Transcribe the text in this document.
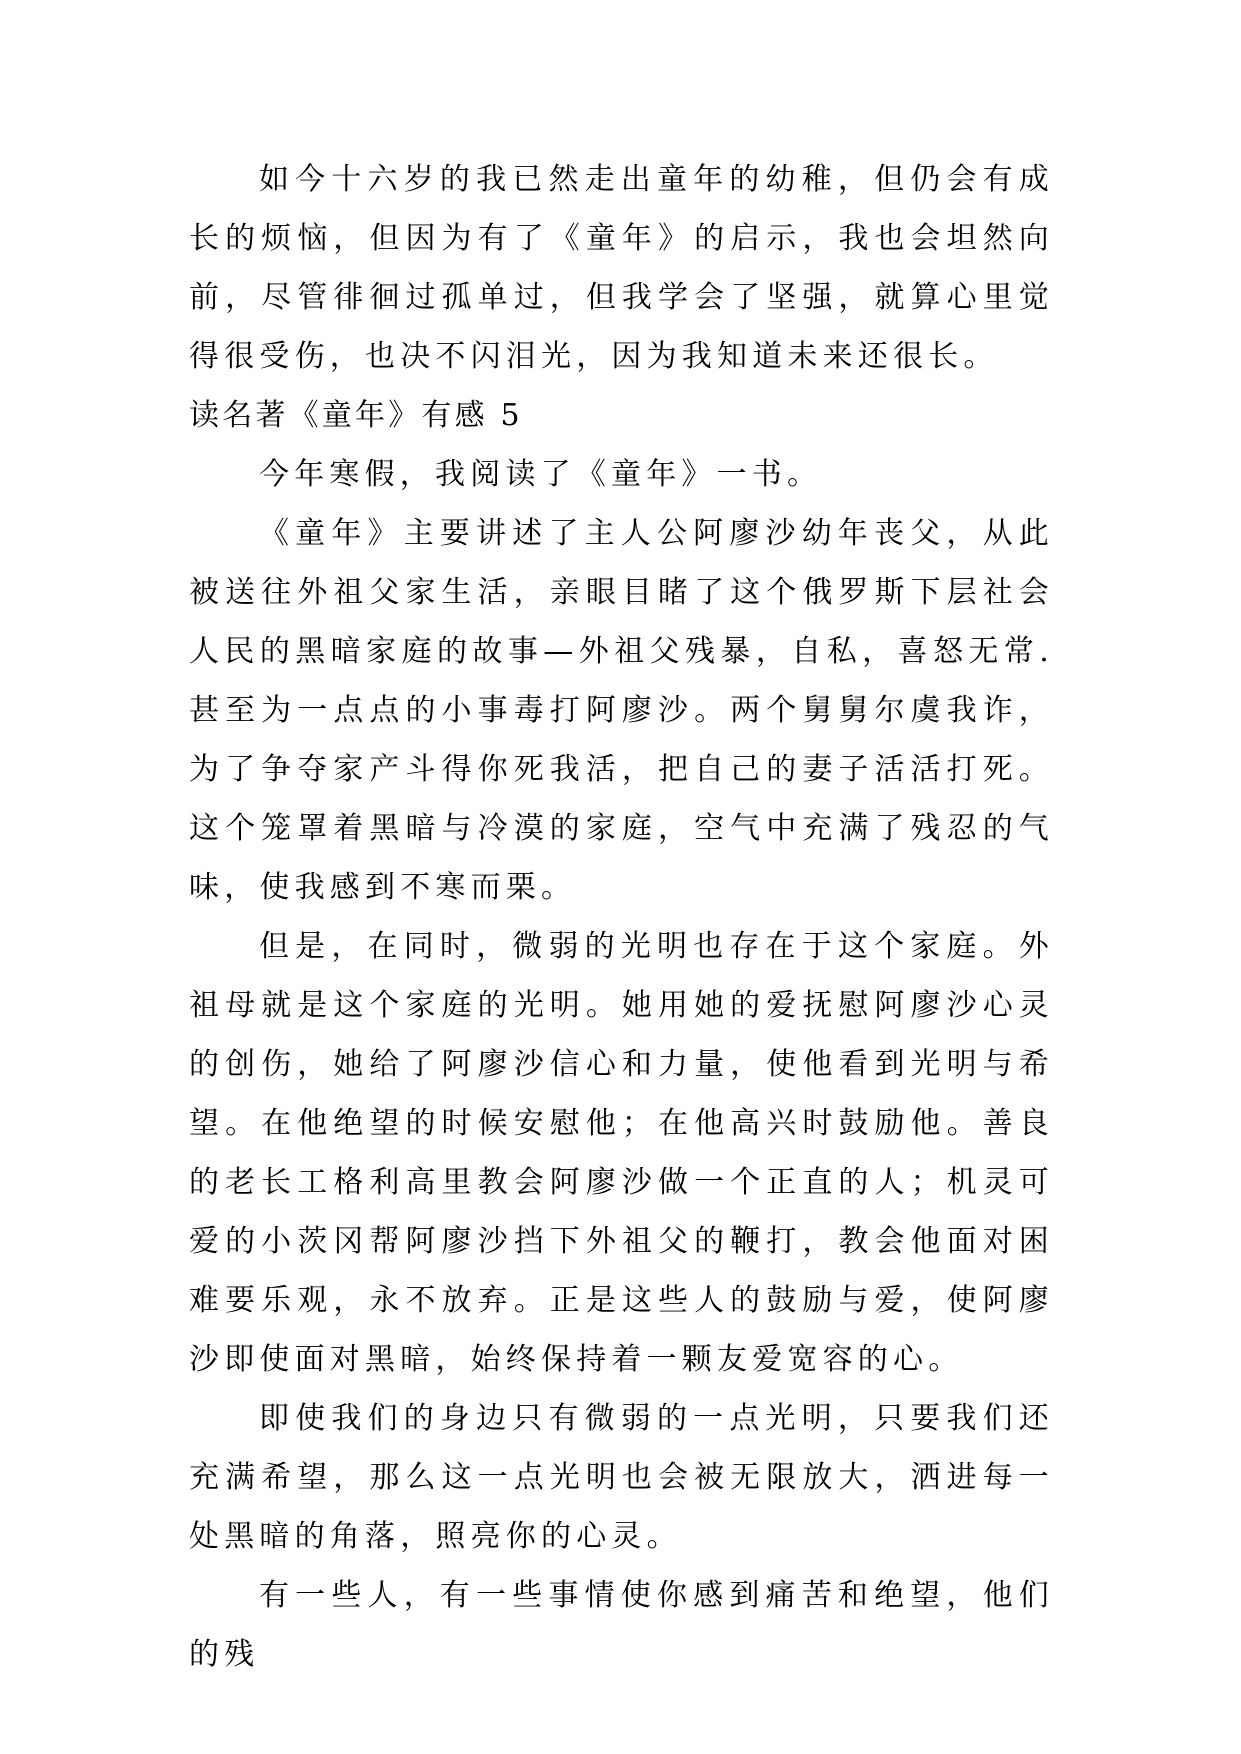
如今十六岁的我已然走出童年的幼稚，但仍会有成长的烦恼，但因为有了《童年》的启示，我也会坦然向前，尽管徘徊过孤单过，但我学会了坚强，就算心里觉得很受伤，也决不闪泪光，因为我知道未来还很长。

读名著《童年》有感 5

今年寒假，我阅读了《童年》一书。

《童年》主要讲述了主人公阿廖沙幼年丧父，从此被送往外祖父家生活，亲眼目睹了这个俄罗斯下层社会人民的黑暗家庭的故事—外祖父残暴，自私，喜怒无常.甚至为一点点的小事毒打阿廖沙。两个舅舅尔虞我诈，为了争夺家产斗得你死我活，把自己的妻子活活打死。这个笼罩着黑暗与冷漠的家庭，空气中充满了残忍的气味，使我感到不寒而栗。

但是，在同时，微弱的光明也存在于这个家庭。外祖母就是这个家庭的光明。她用她的爱抚慰阿廖沙心灵的创伤，她给了阿廖沙信心和力量，使他看到光明与希望。在他绝望的时候安慰他；在他高兴时鼓励他。善良的老长工格利高里教会阿廖沙做一个正直的人；机灵可爱的小茨冈帮阿廖沙挡下外祖父的鞭打，教会他面对困难要乐观，永不放弃。正是这些人的鼓励与爱，使阿廖沙即使面对黑暗，始终保持着一颗友爱宽容的心。

即使我们的身边只有微弱的一点光明，只要我们还充满希望，那么这一点光明也会被无限放大，洒进每一处黑暗的角落，照亮你的心灵。

有一些人，有一些事情使你感到痛苦和绝望，他们的残
